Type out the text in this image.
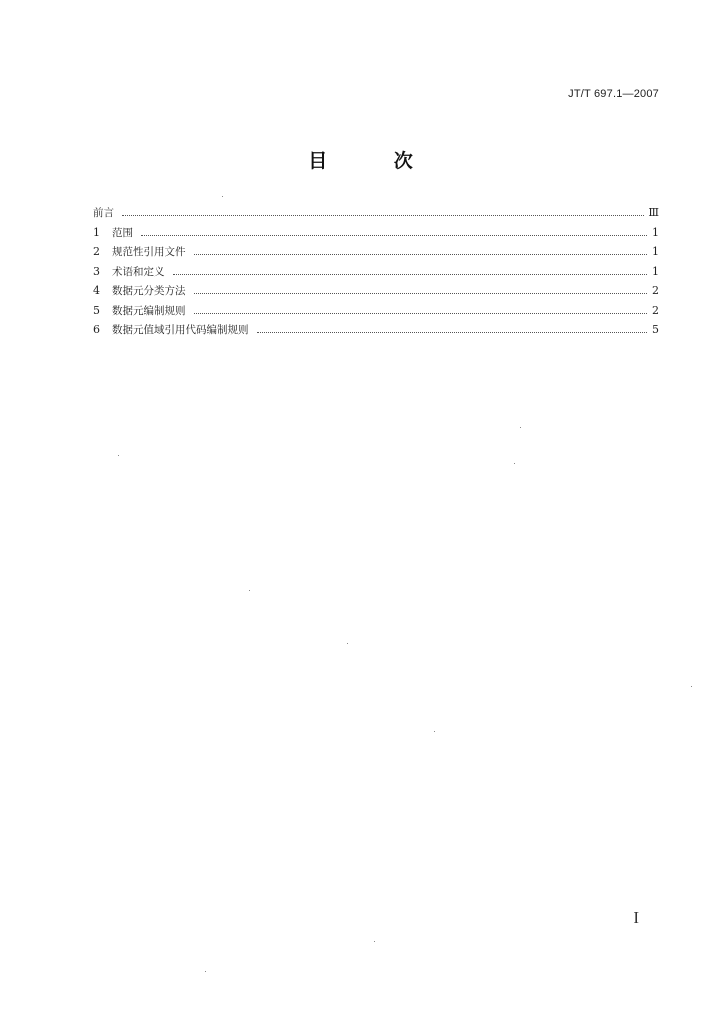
JT/T 697.1—2007
目 次
前言	Ⅲ
1	范围	1
2	规范性引用文件	1
3	术语和定义	1
4	数据元分类方法	2
5	数据元编制规则	2
6	数据元值域引用代码编制规则	5
I
